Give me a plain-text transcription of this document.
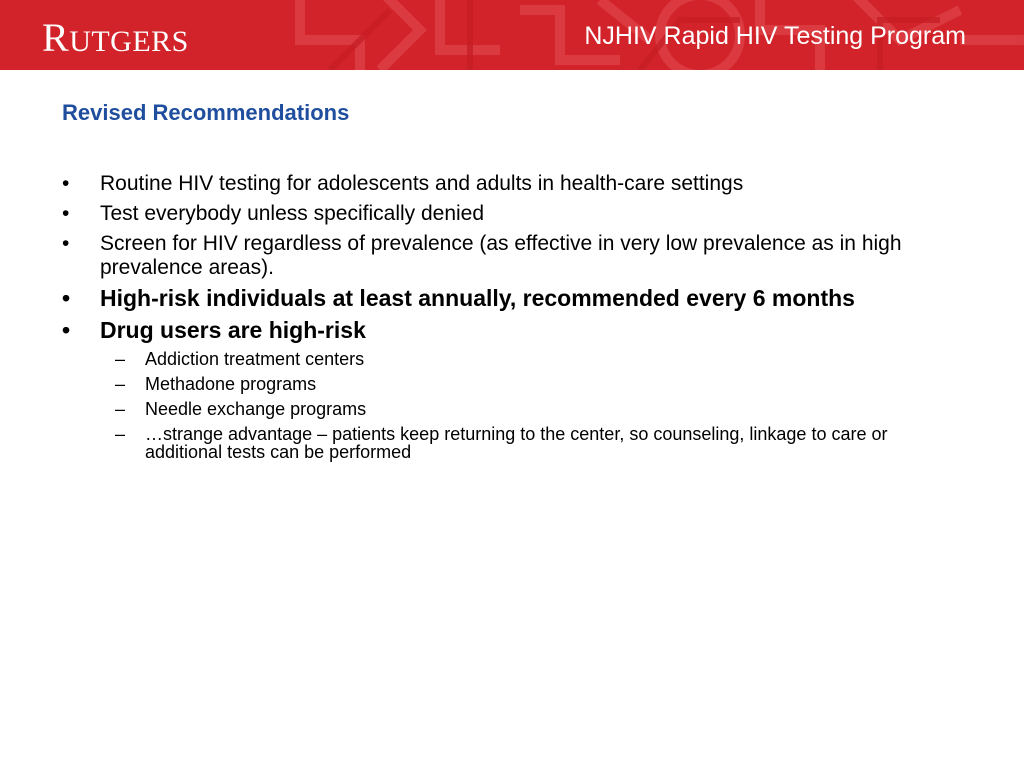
RUTGERS	NJHIV Rapid HIV Testing Program
Revised Recommendations
• Routine HIV testing for adolescents and adults in health-care settings
• Test everybody unless specifically denied
• Screen for HIV regardless of prevalence (as effective in very low prevalence as in high prevalence areas).
• High-risk individuals at least annually, recommended every 6 months
• Drug users are high-risk
– Addiction treatment centers
– Methadone programs
– Needle exchange programs
– …strange advantage – patients keep returning to the center, so counseling, linkage to care or additional tests can be performed
